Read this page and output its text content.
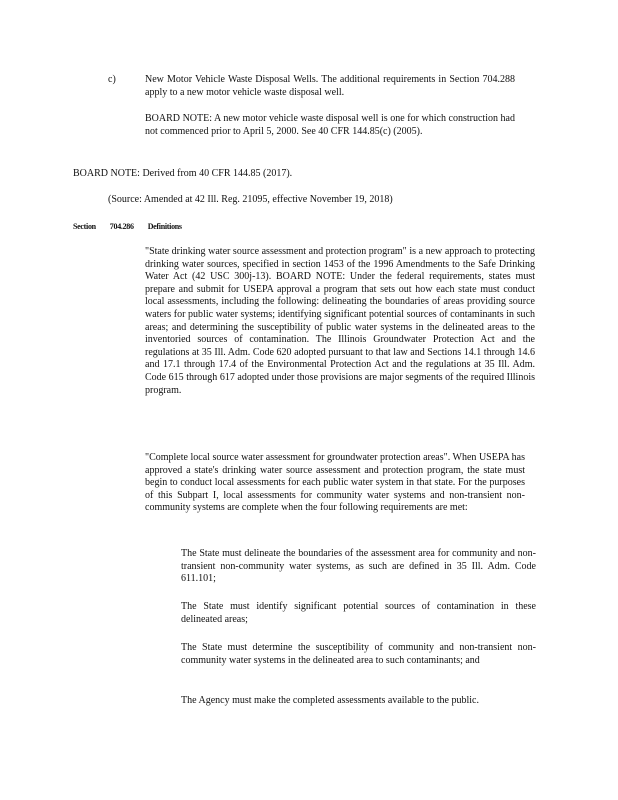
c)	New Motor Vehicle Waste Disposal Wells. The additional requirements in Section 704.288 apply to a new motor vehicle waste disposal well.

BOARD NOTE: A new motor vehicle waste disposal well is one for which construction had not commenced prior to April 5, 2000. See 40 CFR 144.85(c) (2005).

BOARD NOTE: Derived from 40 CFR 144.85 (2017).

(Source: Amended at 42 Ill. Reg. 21095, effective November 19, 2018)

Section 704.286 Definitions

"State drinking water source assessment and protection program" is a new approach to protecting drinking water sources, specified in section 1453 of the 1996 Amendments to the Safe Drinking Water Act (42 USC 300j-13). BOARD NOTE: Under the federal requirements, states must prepare and submit for USEPA approval a program that sets out how each state must conduct local assessments, including the following: delineating the boundaries of areas providing source waters for public water systems; identifying significant potential sources of contaminants in such areas; and determining the susceptibility of public water systems in the delineated areas to the inventoried sources of contamination. The Illinois Groundwater Protection Act and the regulations at 35 Ill. Adm. Code 620 adopted pursuant to that law and Sections 14.1 through 14.6 and 17.1 through 17.4 of the Environmental Protection Act and the regulations at 35 Ill. Adm. Code 615 through 617 adopted under those provisions are major segments of the required Illinois program.

"Complete local source water assessment for groundwater protection areas". When USEPA has approved a state's drinking water source assessment and protection program, the state must begin to conduct local assessments for each public water system in that state. For the purposes of this Subpart I, local assessments for community water systems and non-transient non-community systems are complete when the four following requirements are met:

The State must delineate the boundaries of the assessment area for community and non-transient non-community water systems, as such are defined in 35 Ill. Adm. Code 611.101;

The State must identify significant potential sources of contamination in these delineated areas;

The State must determine the susceptibility of community and non-transient non-community water systems in the delineated area to such contaminants; and

The Agency must make the completed assessments available to the public.
